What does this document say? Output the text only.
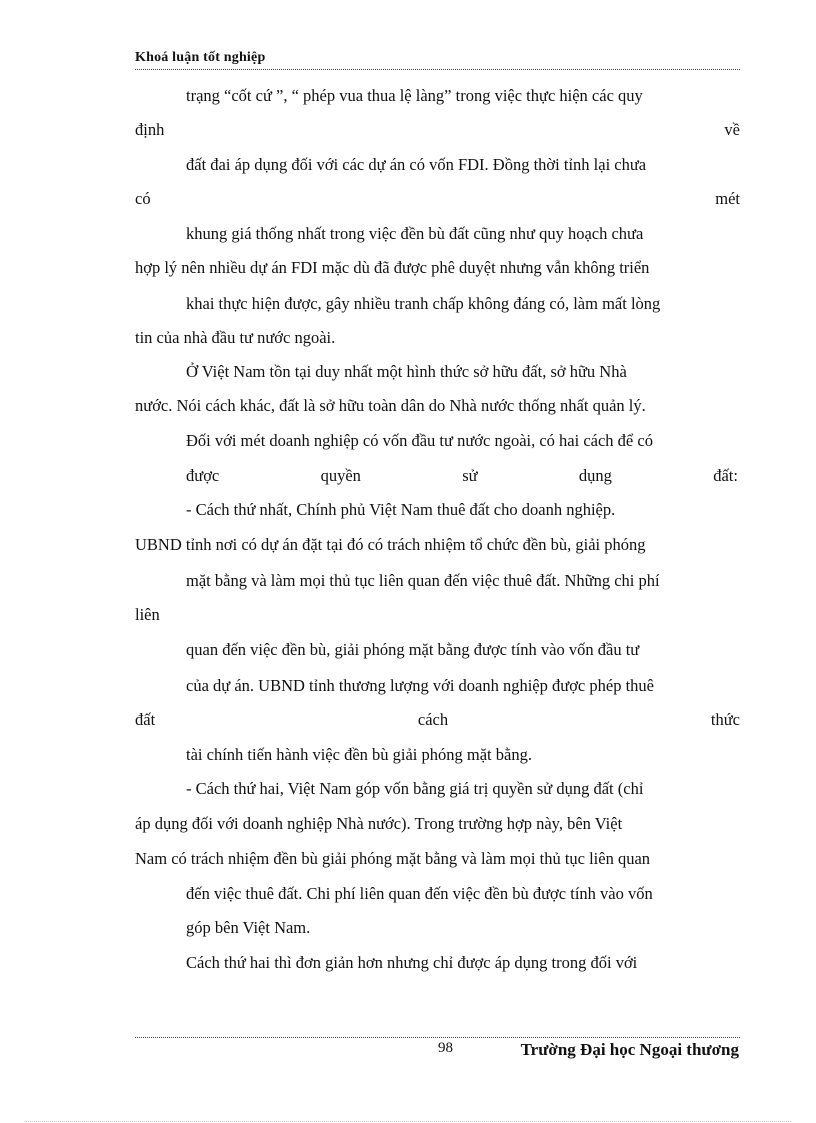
Khoá luận tốt nghiệp
trạng “cốt cứ ”, “ phép vua thua lệ làng” trong việc thực hiện các quy
định	về
đất đai áp dụng đối với các dự án có vốn FDI. Đồng thời tỉnh lại chưa
có	mét
khung giá thống nhất trong việc đền bù đất cũng như quy hoạch chưa
hợp lý nên nhiều dự án FDI mặc dù đã được phê duyệt nhưng vẫn không triển
khai thực hiện được, gây nhiều tranh chấp không đáng có, làm mất lòng
tin của nhà đầu tư nước ngoài.
Ở Việt Nam tồn tại duy nhất một hình thức sở hữu đất, sở hữu Nhà
nước. Nói cách khác, đất là sở hữu toàn dân do Nhà nước thống nhất quản lý.
Đối với mét doanh nghiệp có vốn đầu tư nước ngoài, có hai cách để có
được	quyền	sử	dụng	đất:
- Cách thứ nhất, Chính phủ Việt Nam thuê đất cho doanh nghiệp.
UBND tỉnh nơi có dự án đặt tại đó có trách nhiệm tổ chức đền bù, giải phóng
mặt bằng và làm mọi thủ tục liên quan đến việc thuê đất. Những chi phí
liên
quan đến việc đền bù, giải phóng mặt bằng được tính vào vốn đầu tư
của dự án. UBND tỉnh thương lượng với doanh nghiệp được phép thuê
đất	cách	thức
tài chính tiến hành việc đền bù giải phóng mặt bằng.
- Cách thứ hai, Việt Nam góp vốn bằng giá trị quyền sử dụng đất (chỉ
áp dụng đối với doanh nghiệp Nhà nước). Trong trường hợp này, bên Việt
Nam có trách nhiệm đền bù giải phóng mặt bằng và làm mọi thủ tục liên quan
đến việc thuê đất. Chi phí liên quan đến việc đền bù được tính vào vốn
góp bên Việt Nam.
Cách thứ hai thì đơn giản hơn nhưng chỉ được áp dụng trong đối với
98	Trường Đại học Ngoại thương
